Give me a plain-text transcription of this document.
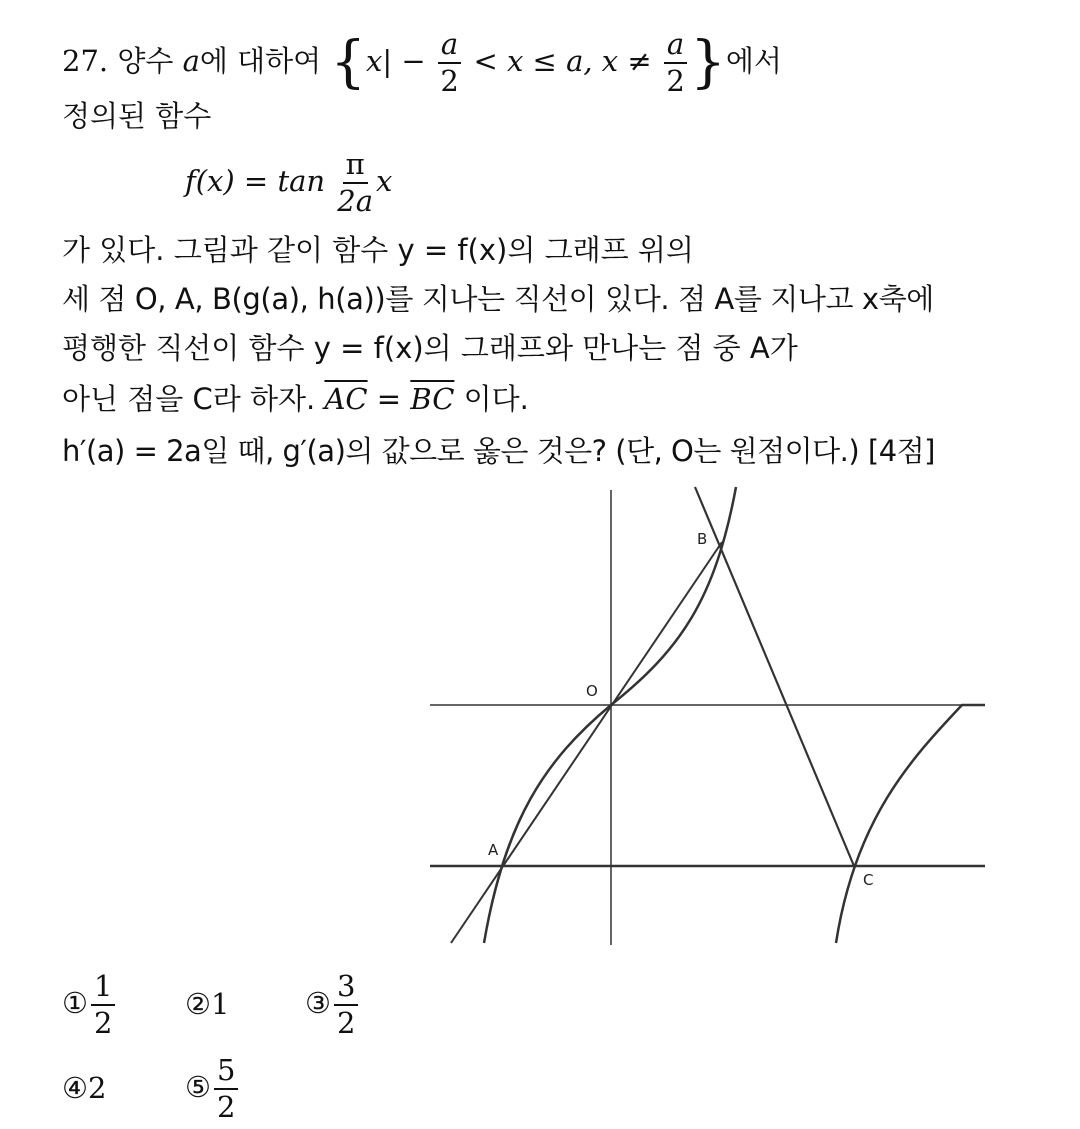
27. 양수 a에 대하여 {$x| - \frac{a}{2} < x \le a$, $x \ne \frac{a}{2}$ }에서
정의된 함수
$f(x) = \tan \frac{\pi}{2a}$ x
가 있다. 그림과 같이 함수 y = f(x)의 그래프 위의
세 점 O, A, B(g(a), h(a))를 지나는 직선이 있다. 점 A를 지나고 x축에
평행한 직선이 함수 y = f(x)의 그래프와 만나는 점 중 A가
아닌 점을 C라 하자. $\overline{AC} = \overline{BC}$ 이다.
h′(a) = 2a일 때, g′(a)의 값으로 옳은 것은? (단, O는 원점이다.) [4점]
O
A
B
C
① $\frac{1}{2}$ ②1	③ $\frac{3}{2}$
④2	⑤ $\frac{5}{2}$
